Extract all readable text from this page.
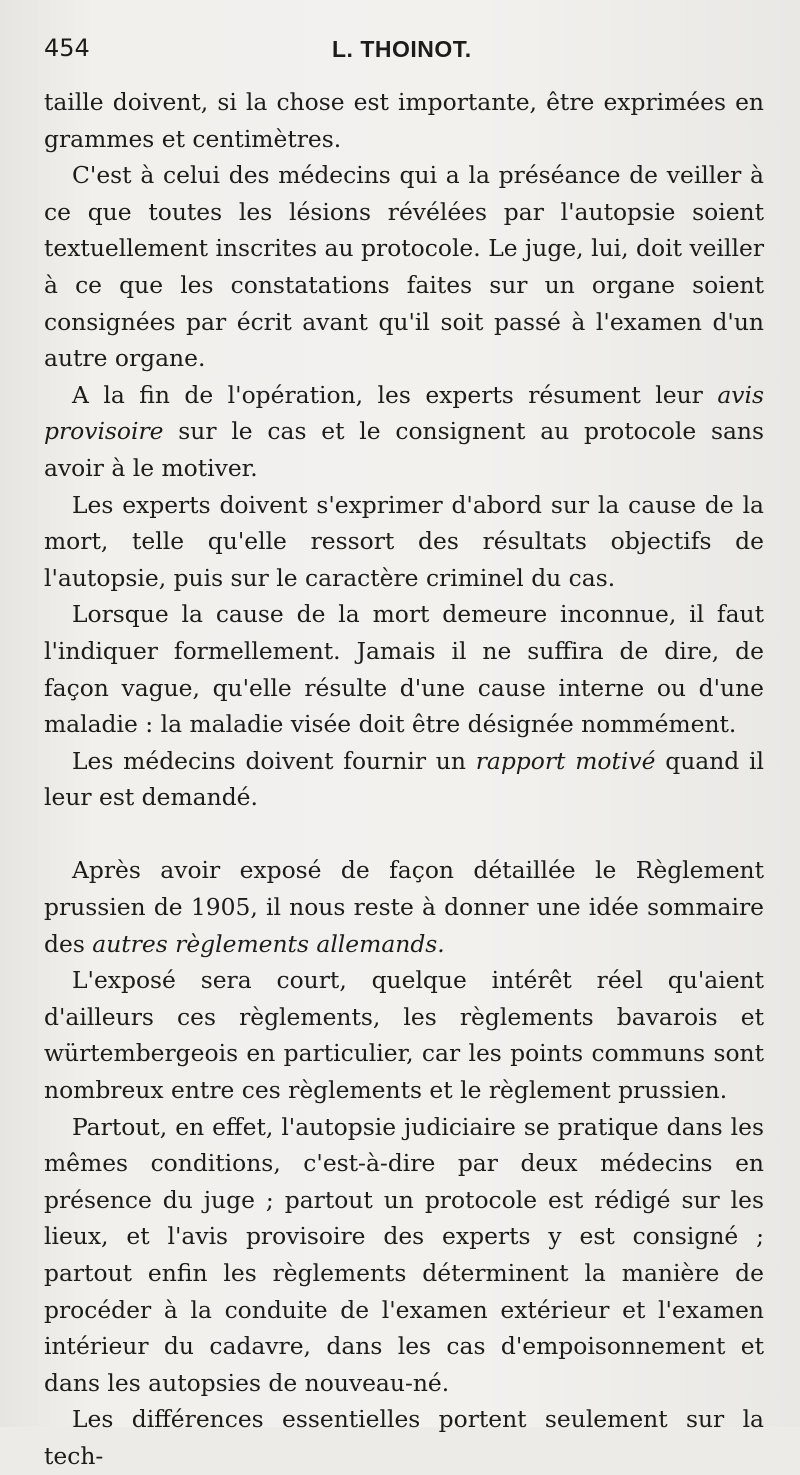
454	L. THOINOT.

taille doivent, si la chose est importante, être exprimées en grammes et centimètres.

C'est à celui des médecins qui a la préséance de veiller à ce que toutes les lésions révélées par l'autopsie soient textuellement inscrites au protocole. Le juge, lui, doit veiller à ce que les constatations faites sur un organe soient consignées par écrit avant qu'il soit passé à l'examen d'un autre organe.

A la fin de l'opération, les experts résument leur avis provisoire sur le cas et le consignent au protocole sans avoir à le motiver.

Les experts doivent s'exprimer d'abord sur la cause de la mort, telle qu'elle ressort des résultats objectifs de l'autopsie, puis sur le caractère criminel du cas.

Lorsque la cause de la mort demeure inconnue, il faut l'indiquer formellement. Jamais il ne suffira de dire, de façon vague, qu'elle résulte d'une cause interne ou d'une maladie : la maladie visée doit être désignée nommément.

Les médecins doivent fournir un rapport motivé quand il leur est demandé.

Après avoir exposé de façon détaillée le Règlement prussien de 1905, il nous reste à donner une idée sommaire des autres règlements allemands.

L'exposé sera court, quelque intérêt réel qu'aient d'ailleurs ces règlements, les règlements bavarois et würtembergeois en particulier, car les points communs sont nombreux entre ces règlements et le règlement prussien.

Partout, en effet, l'autopsie judiciaire se pratique dans les mêmes conditions, c'est-à-dire par deux médecins en présence du juge ; partout un protocole est rédigé sur les lieux, et l'avis provisoire des experts y est consigné ; partout enfin les règlements déterminent la manière de procéder à la conduite de l'examen extérieur et l'examen intérieur du cadavre, dans les cas d'empoisonnement et dans les autopsies de nouveau-né.

Les différences essentielles portent seulement sur la tech-
